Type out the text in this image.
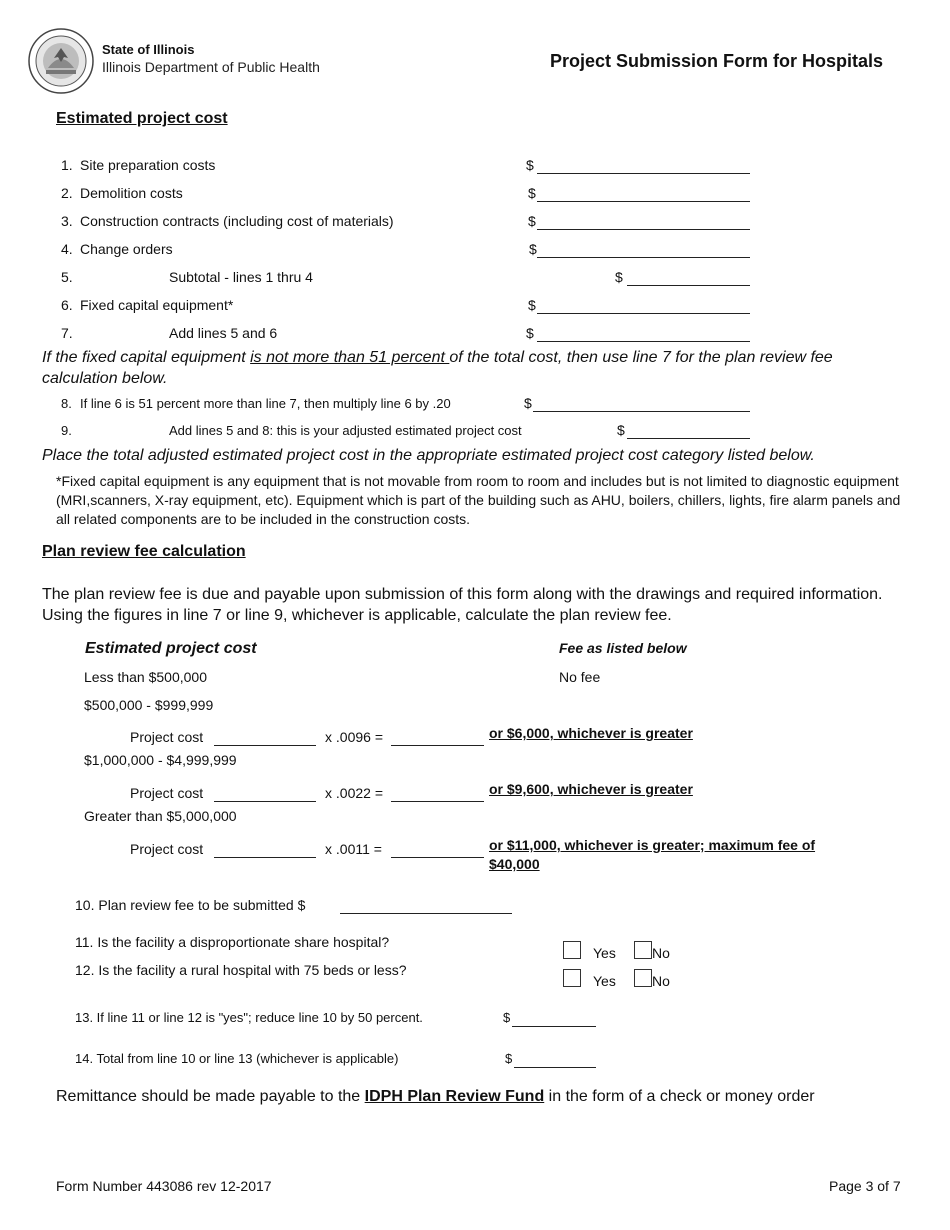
State of Illinois
Illinois Department of Public Health	Project Submission Form for Hospitals
Estimated project cost
1. Site preparation costs	$
2. Demolition costs	$
3. Construction contracts (including cost of materials)	$
4. Change orders	$
5.	Subtotal - lines 1 thru 4	$
6. Fixed capital equipment*	$
7.	Add lines 5 and 6	$
If the fixed capital equipment is not more than 51 percent of the total cost, then use line 7 for the plan review fee calculation below.
8. If line 6 is 51 percent more than line 7, then multiply line 6 by .20	$
9.	Add lines 5 and 8: this is your adjusted estimated project cost	$
Place the total adjusted estimated project cost in the appropriate estimated project cost category listed below.
*Fixed capital equipment is any equipment that is not movable from room to room and includes but is not limited to diagnostic equipment (MRI,scanners, X-ray equipment, etc). Equipment which is part of the building such as AHU, boilers, chillers, lights, fire alarm panels and all related components are to be included in the construction costs.
Plan review fee calculation
The plan review fee is due and payable upon submission of this form along with the drawings and required information. Using the figures in line 7 or line 9, whichever is applicable, calculate the plan review fee.
Estimated project cost	Fee as listed below
Less than $500,000	No fee
$500,000 - $999,999
Project cost	x .0096 =	or $6,000, whichever is greater
$1,000,000 - $4,999,999
Project cost	x .0022 =	or $9,600, whichever is greater
Greater than $5,000,000
Project cost	x .0011 =	or $11,000, whichever is greater; maximum fee of $40,000
10. Plan review fee to be submitted $
11. Is the facility a disproportionate share hospital?
Yes	No
12. Is the facility a rural hospital with 75 beds or less?
Yes	No
13. If line 11 or line 12 is "yes"; reduce line 10 by 50 percent.	$
14. Total from line 10 or line 13 (whichever is applicable)	$
Remittance should be made payable to the IDPH Plan Review Fund in the form of a check or money order
Form Number 443086 rev 12-2017	Page 3 of 7
